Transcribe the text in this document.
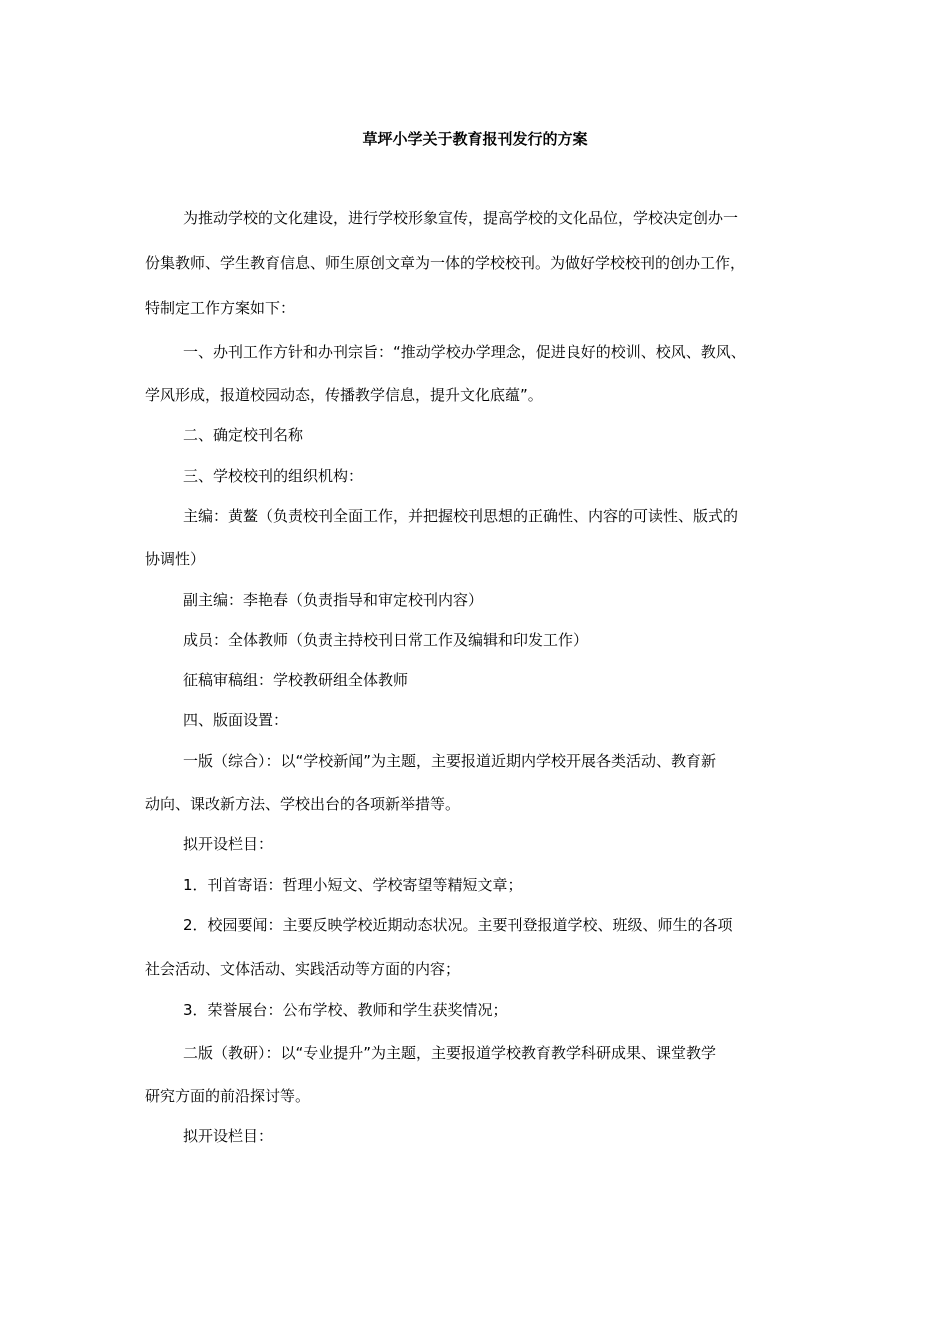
草坪小学关于教育报刊发行的方案

为推动学校的文化建设，进行学校形象宣传，提高学校的文化品位，学校决定创办一

份集教师、学生教育信息、师生原创文章为一体的学校校刊。为做好学校校刊的创办工作，

特制定工作方案如下：

一、办刊工作方针和办刊宗旨：“推动学校办学理念，促进良好的校训、校风、教风、

学风形成，报道校园动态，传播教学信息，提升文化底蕴”。

二、确定校刊名称

三、学校校刊的组织机构：

主编：黄鳌（负责校刊全面工作，并把握校刊思想的正确性、内容的可读性、版式的

协调性）

副主编：李艳春（负责指导和审定校刊内容）

成员：全体教师（负责主持校刊日常工作及编辑和印发工作）

征稿审稿组：学校教研组全体教师

四、版面设置：

一版（综合）：以“学校新闻”为主题，主要报道近期内学校开展各类活动、教育新

动向、课改新方法、学校出台的各项新举措等。

拟开设栏目：

1．刊首寄语：哲理小短文、学校寄望等精短文章；

2．校园要闻：主要反映学校近期动态状况。主要刊登报道学校、班级、师生的各项

社会活动、文体活动、实践活动等方面的内容；

3．荣誉展台：公布学校、教师和学生获奖情况；

二版（教研）：以“专业提升”为主题，主要报道学校教育教学科研成果、课堂教学

研究方面的前沿探讨等。

拟开设栏目：
